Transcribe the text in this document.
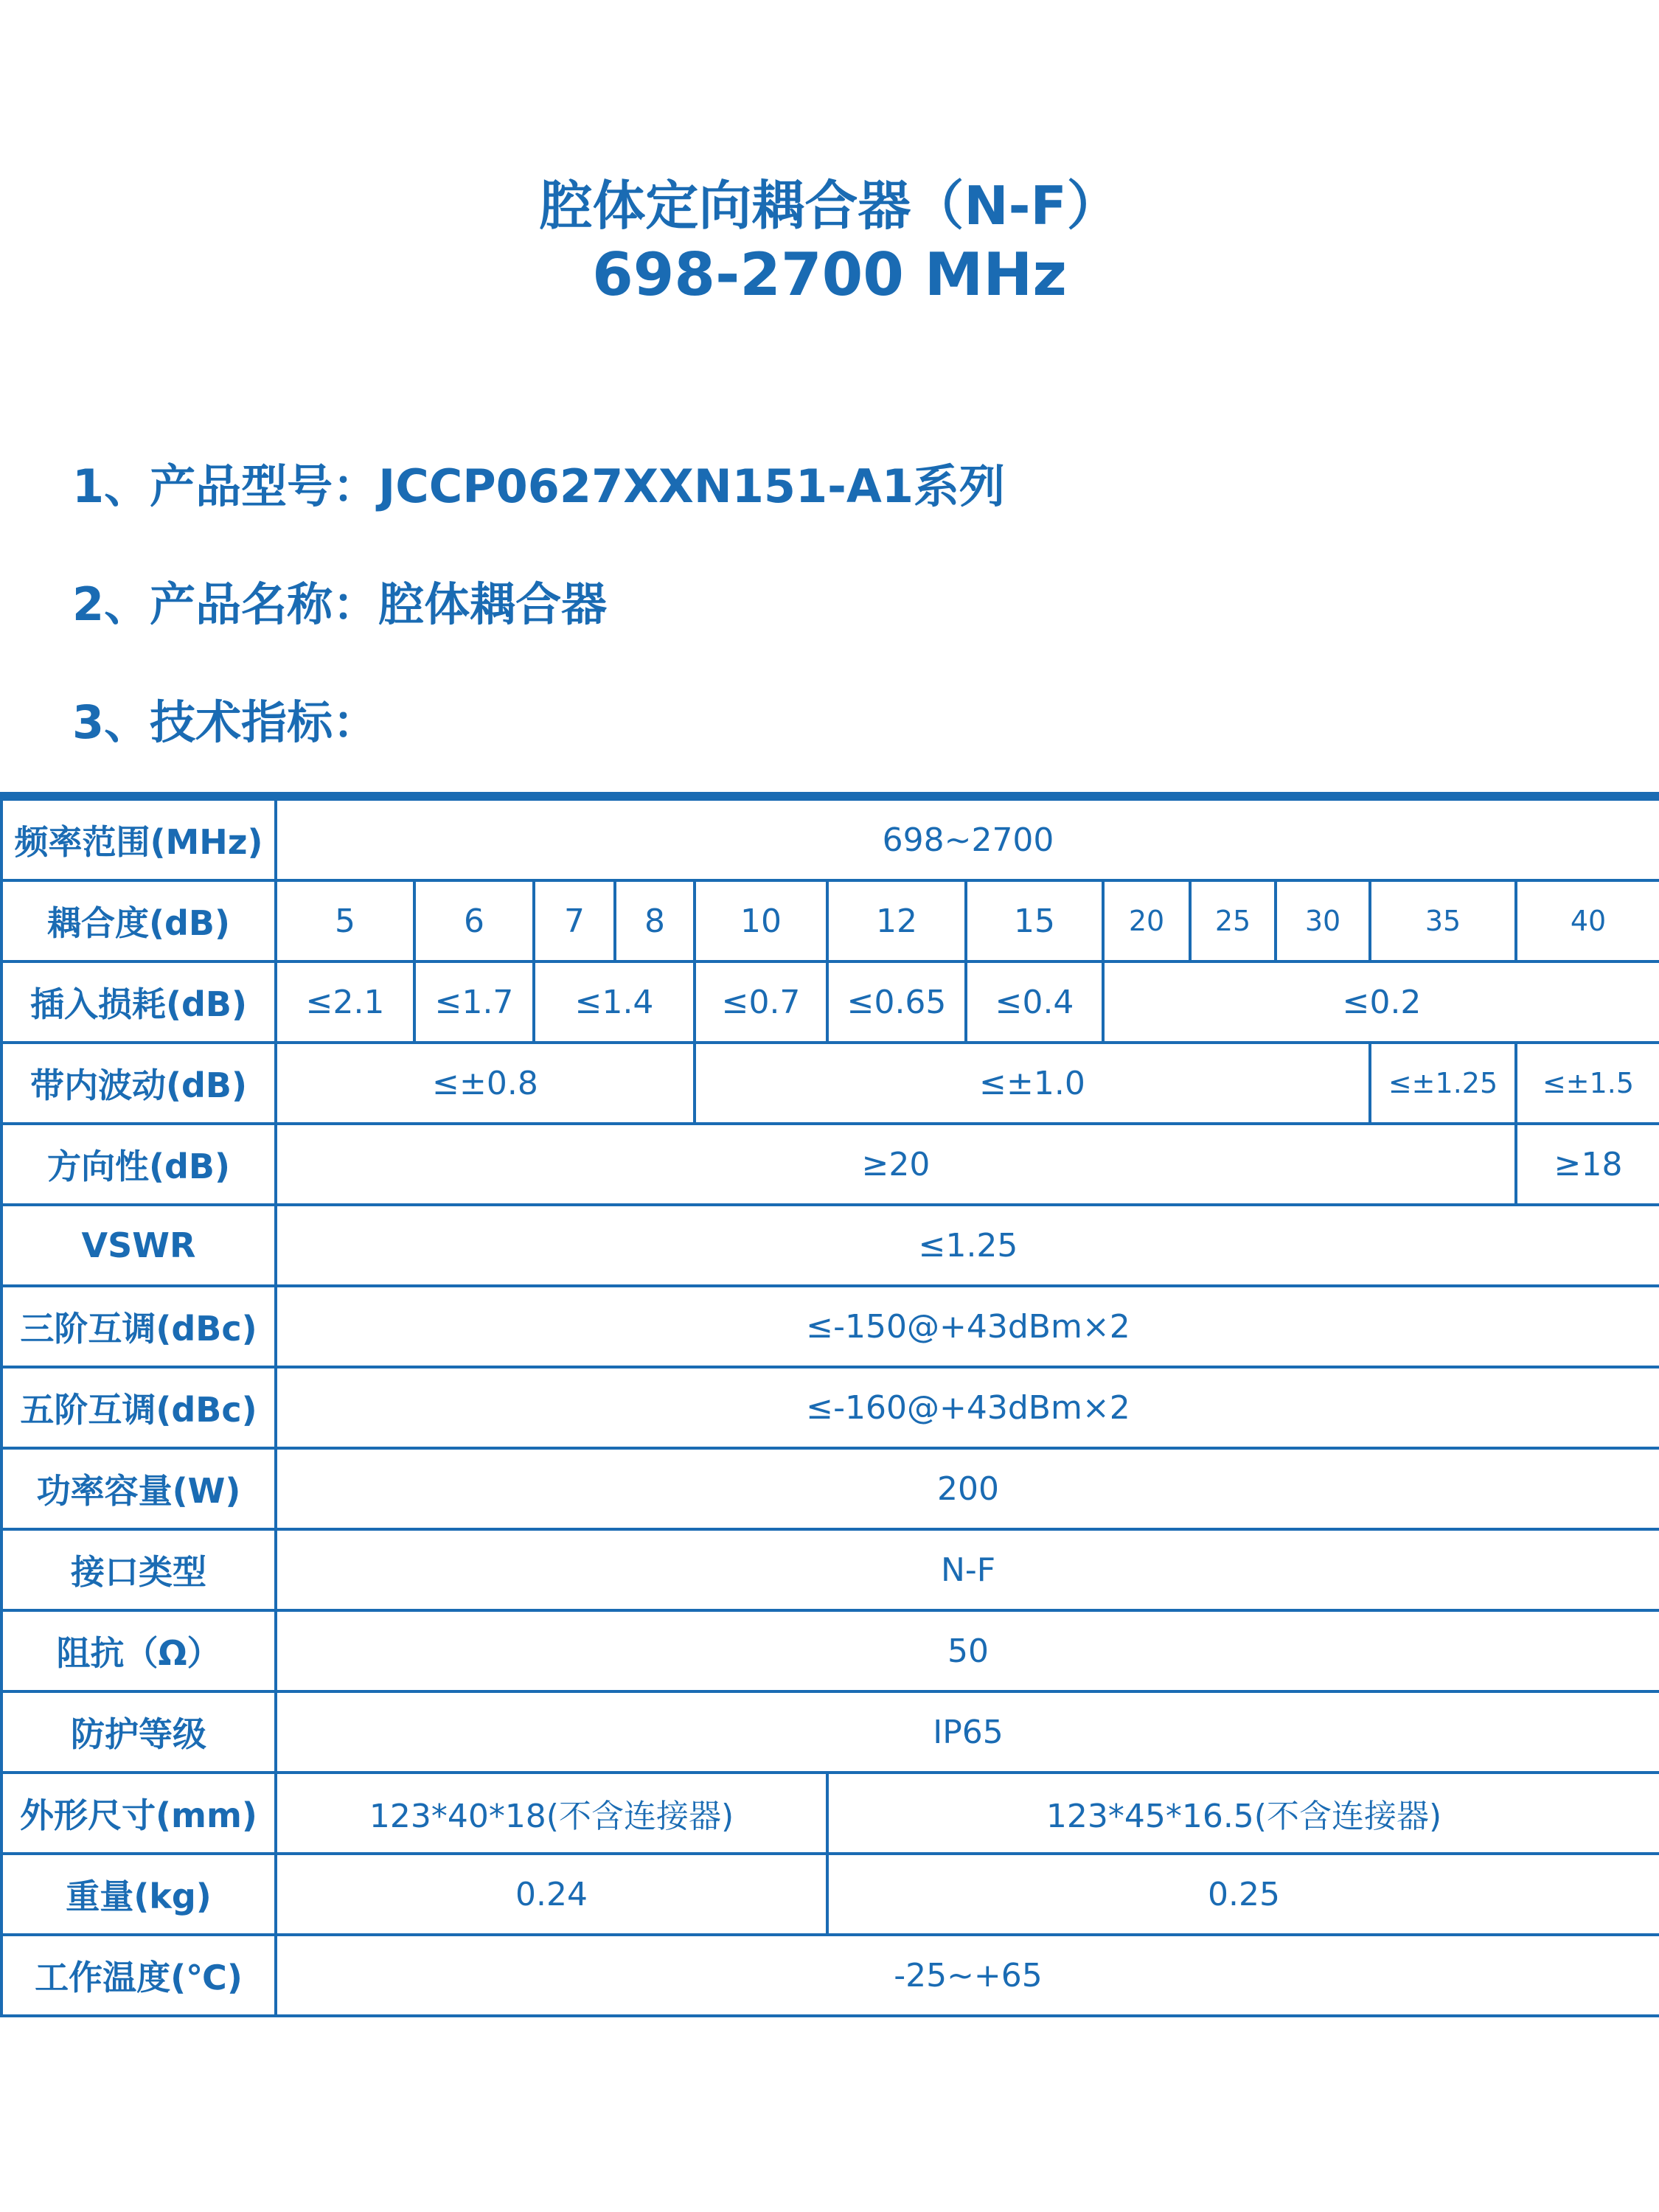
腔体定向耦合器（N-F）
698-2700 MHz
1、产品型号：JCCP0627XXN151-A1系列
2、产品名称：腔体耦合器
3、技术指标：
频率范围(MHz)	698~2700											
耦合度(dB)	5	6	7	8	10	12	15	20	25	30	35	40
插入损耗(dB)	≤2.1	≤1.7	≤1.4		≤0.7	≤0.65	≤0.4	≤0.2				
带内波动(dB)	≤±0.8				≤±1.0						≤±1.25	≤±1.5
方向性(dB)	≥20											≥18
VSWR	≤1.25											
三阶互调(dBc)	≤-150@+43dBm×2											
五阶互调(dBc)	≤-160@+43dBm×2											
功率容量(W)	200											
接口类型	N-F											
阻抗（Ω）	50											
防护等级	IP65											
外形尺寸(mm)	123*40*18(不含连接器)					123*45*16.5(不含连接器)						
重量(kg)	0.24					0.25						
工作温度(℃)	-25~+65											
